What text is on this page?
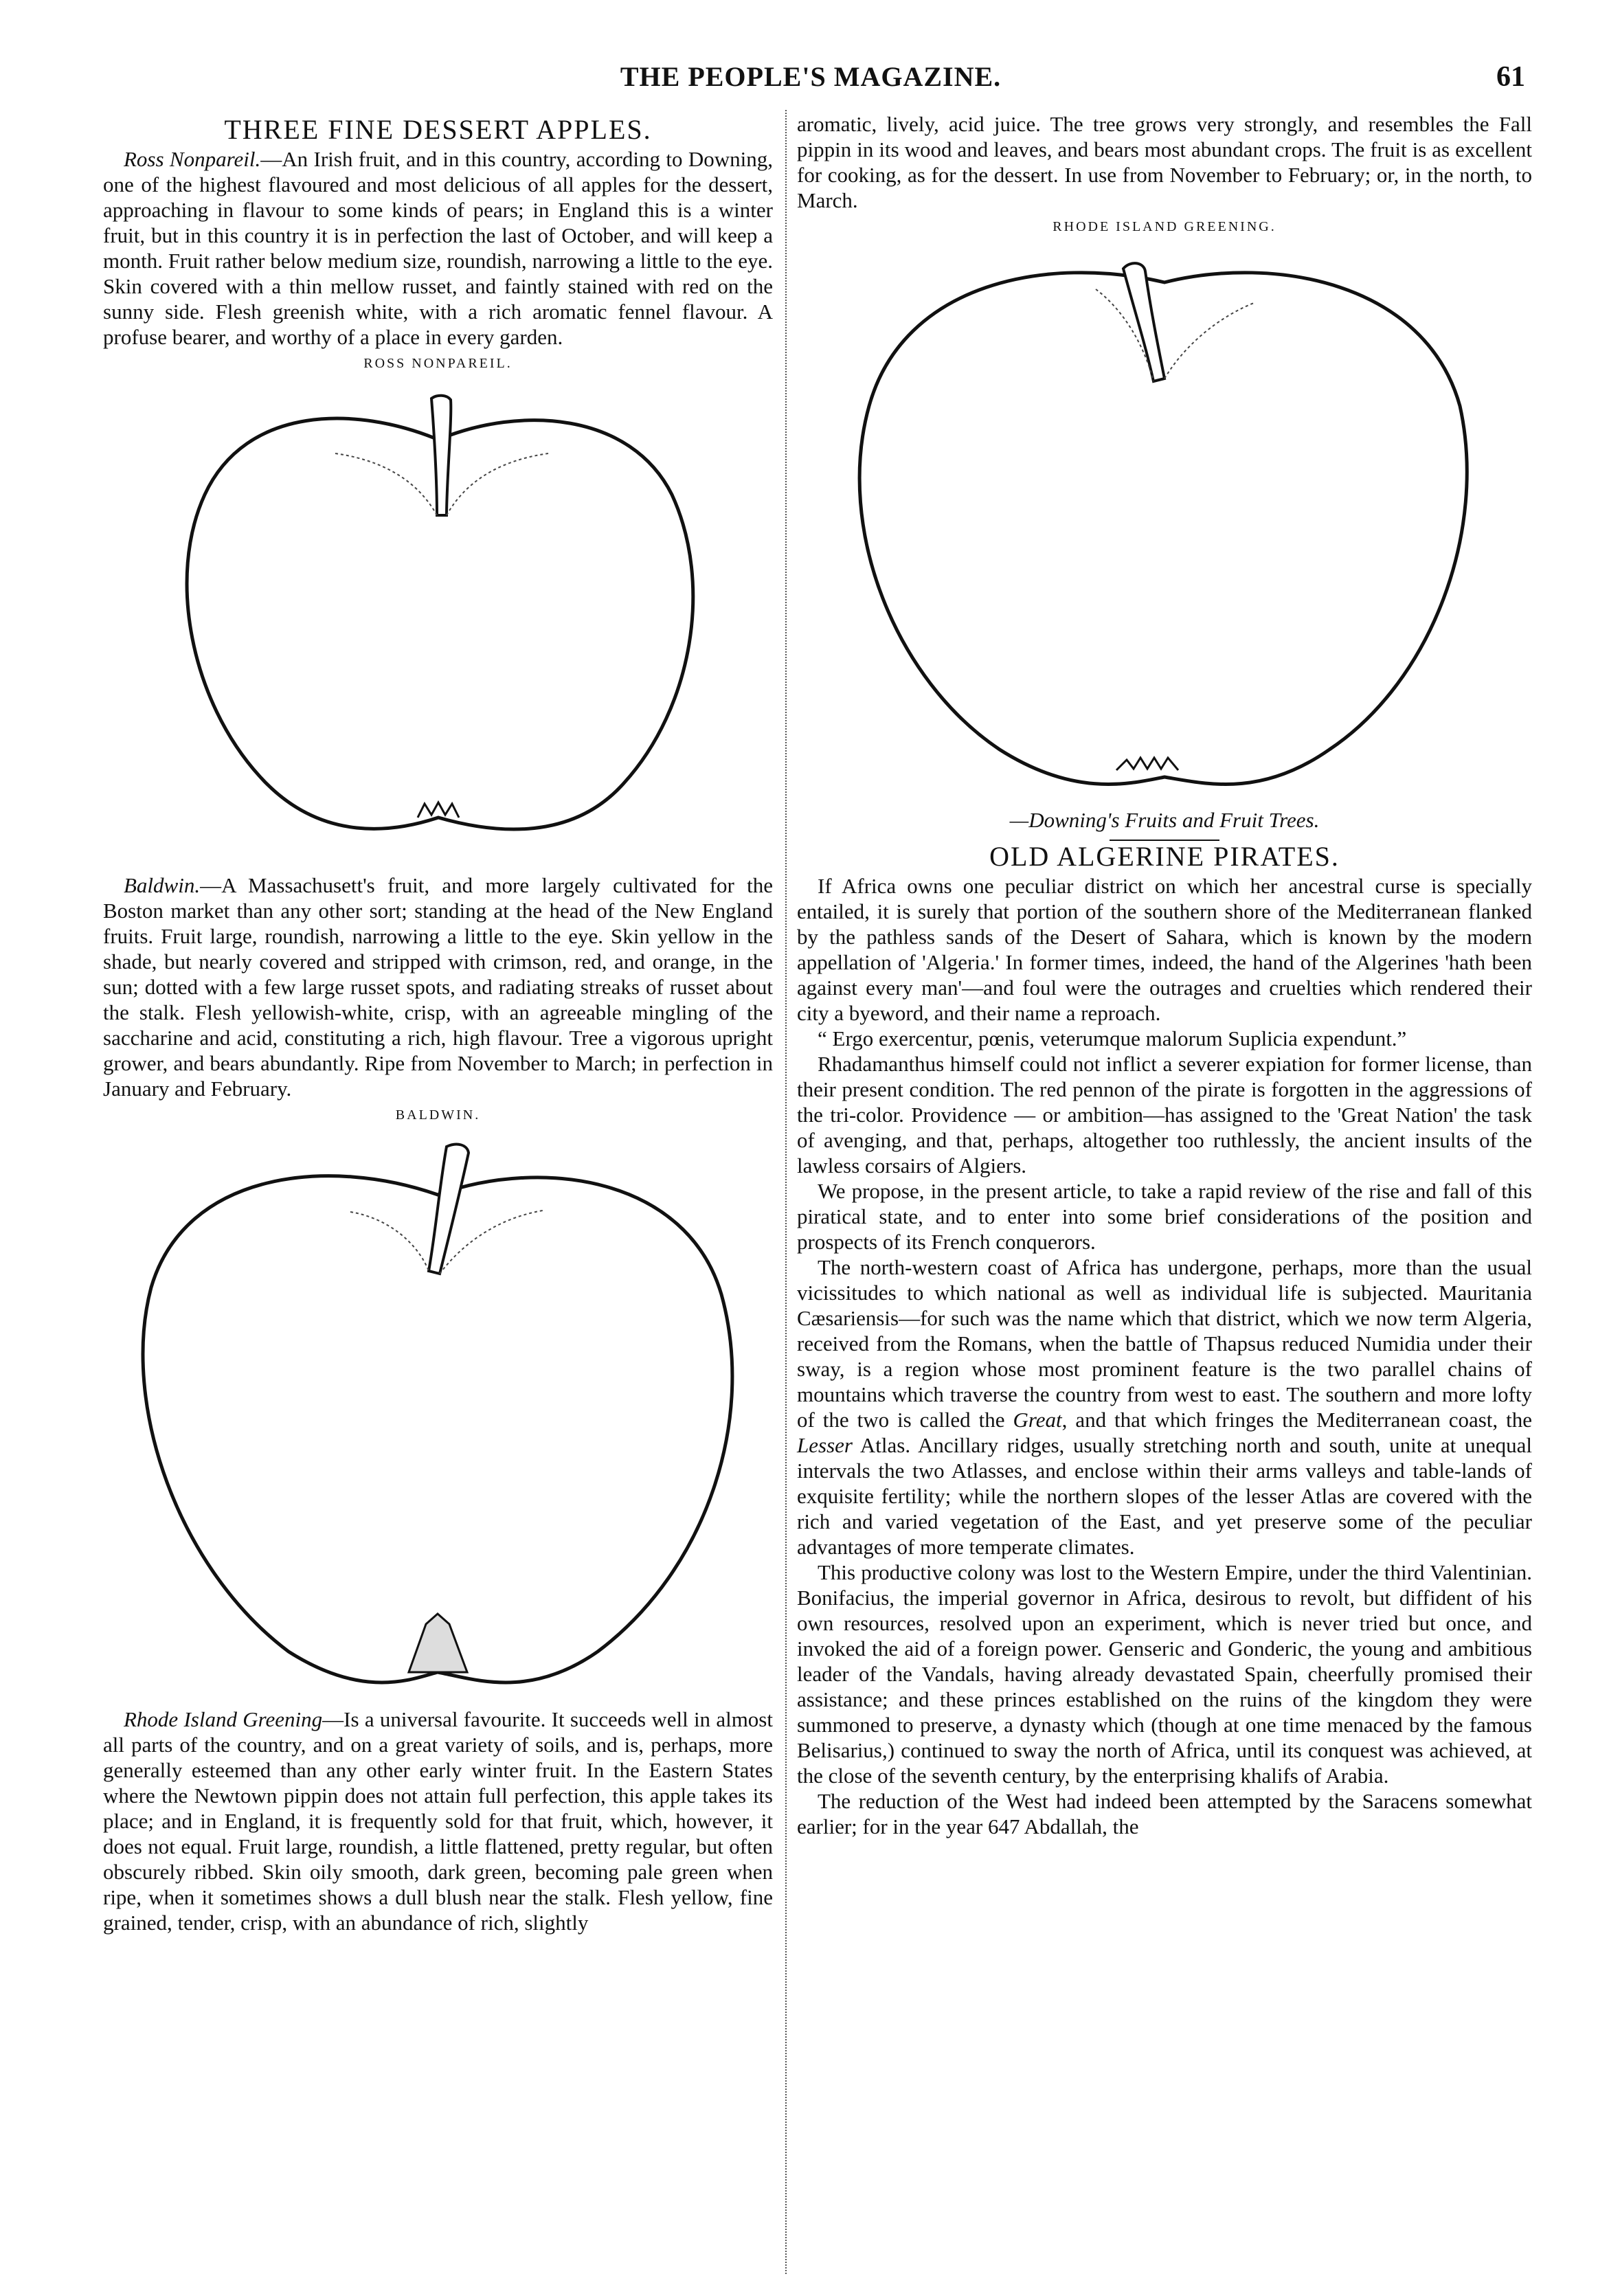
THE PEOPLE'S MAGAZINE.	61
THREE FINE DESSERT APPLES.

Ross Nonpareil.—An Irish fruit, and in this country, according to Downing, one of the highest flavoured and most delicious of all apples for the dessert, approaching in flavour to some kinds of pears; in England this is a winter fruit, but in this country it is in perfection the last of October, and will keep a month. Fruit rather below medium size, roundish, narrowing a little to the eye. Skin covered with a thin mellow russet, and faintly stained with red on the sunny side. Flesh greenish white, with a rich aromatic fennel flavour. A profuse bearer, and worthy of a place in every garden.

ROSS NONPAREIL.

Baldwin.—A Massachusett's fruit, and more largely cultivated for the Boston market than any other sort; standing at the head of the New England fruits. Fruit large, roundish, narrowing a little to the eye. Skin yellow in the shade, but nearly covered and stripped with crimson, red, and orange, in the sun; dotted with a few large russet spots, and radiating streaks of russet about the stalk. Flesh yellowish-white, crisp, with an agreeable mingling of the saccharine and acid, constituting a rich, high flavour. Tree a vigorous upright grower, and bears abundantly. Ripe from November to March; in perfection in January and February.

BALDWIN.

Rhode Island Greening—Is a universal favourite. It succeeds well in almost all parts of the country, and on a great variety of soils, and is, perhaps, more generally esteemed than any other early winter fruit. In the Eastern States where the Newtown pippin does not attain full perfection, this apple takes its place; and in England, it is frequently sold for that fruit, which, however, it does not equal. Fruit large, roundish, a little flattened, pretty regular, but often obscurely ribbed. Skin oily smooth, dark green, becoming pale green when ripe, when it sometimes shows a dull blush near the stalk. Flesh yellow, fine grained, tender, crisp, with an abundance of rich, slightly

aromatic, lively, acid juice. The tree grows very strongly, and resembles the Fall pippin in its wood and leaves, and bears most abundant crops. The fruit is as excellent for cooking, as for the dessert. In use from November to February; or, in the north, to March.

RHODE ISLAND GREENING.
—Downing's Fruits and Fruit Trees.
OLD ALGERINE PIRATES.

If Africa owns one peculiar district on which her ancestral curse is specially entailed, it is surely that portion of the southern shore of the Mediterranean flanked by the pathless sands of the Desert of Sahara, which is known by the modern appellation of 'Algeria.' In former times, indeed, the hand of the Algerines 'hath been against every man'—and foul were the outrages and cruelties which rendered their city a byeword, and their name a reproach.

“ Ergo exercentur, pœnis, veterumque malorum Suplicia expendunt.”

Rhadamanthus himself could not inflict a severer expiation for former license, than their present condition. The red pennon of the pirate is forgotten in the aggressions of the tri-color. Providence — or ambition—has assigned to the 'Great Nation' the task of avenging, and that, perhaps, altogether too ruthlessly, the ancient insults of the lawless corsairs of Algiers.

We propose, in the present article, to take a rapid review of the rise and fall of this piratical state, and to enter into some brief considerations of the position and prospects of its French conquerors.

The north-western coast of Africa has undergone, perhaps, more than the usual vicissitudes to which national as well as individual life is subjected. Mauritania Cæsariensis—for such was the name which that district, which we now term Algeria, received from the Romans, when the battle of Thapsus reduced Numidia under their sway, is a region whose most prominent feature is the two parallel chains of mountains which traverse the country from west to east. The southern and more lofty of the two is called the Great, and that which fringes the Mediterranean coast, the Lesser Atlas. Ancillary ridges, usually stretching north and south, unite at unequal intervals the two Atlasses, and enclose within their arms valleys and table-lands of exquisite fertility; while the northern slopes of the lesser Atlas are covered with the rich and varied vegetation of the East, and yet preserve some of the peculiar advantages of more temperate climates.

This productive colony was lost to the Western Empire, under the third Valentinian. Bonifacius, the imperial governor in Africa, desirous to revolt, but diffident of his own resources, resolved upon an experiment, which is never tried but once, and invoked the aid of a foreign power. Genseric and Gonderic, the young and ambitious leader of the Vandals, having already devastated Spain, cheerfully promised their assistance; and these princes established on the ruins of the kingdom they were summoned to preserve, a dynasty which (though at one time menaced by the famous Belisarius,) continued to sway the north of Africa, until its conquest was achieved, at the close of the seventh century, by the enterprising khalifs of Arabia.

The reduction of the West had indeed been attempted by the Saracens somewhat earlier; for in the year 647 Abdallah, the
